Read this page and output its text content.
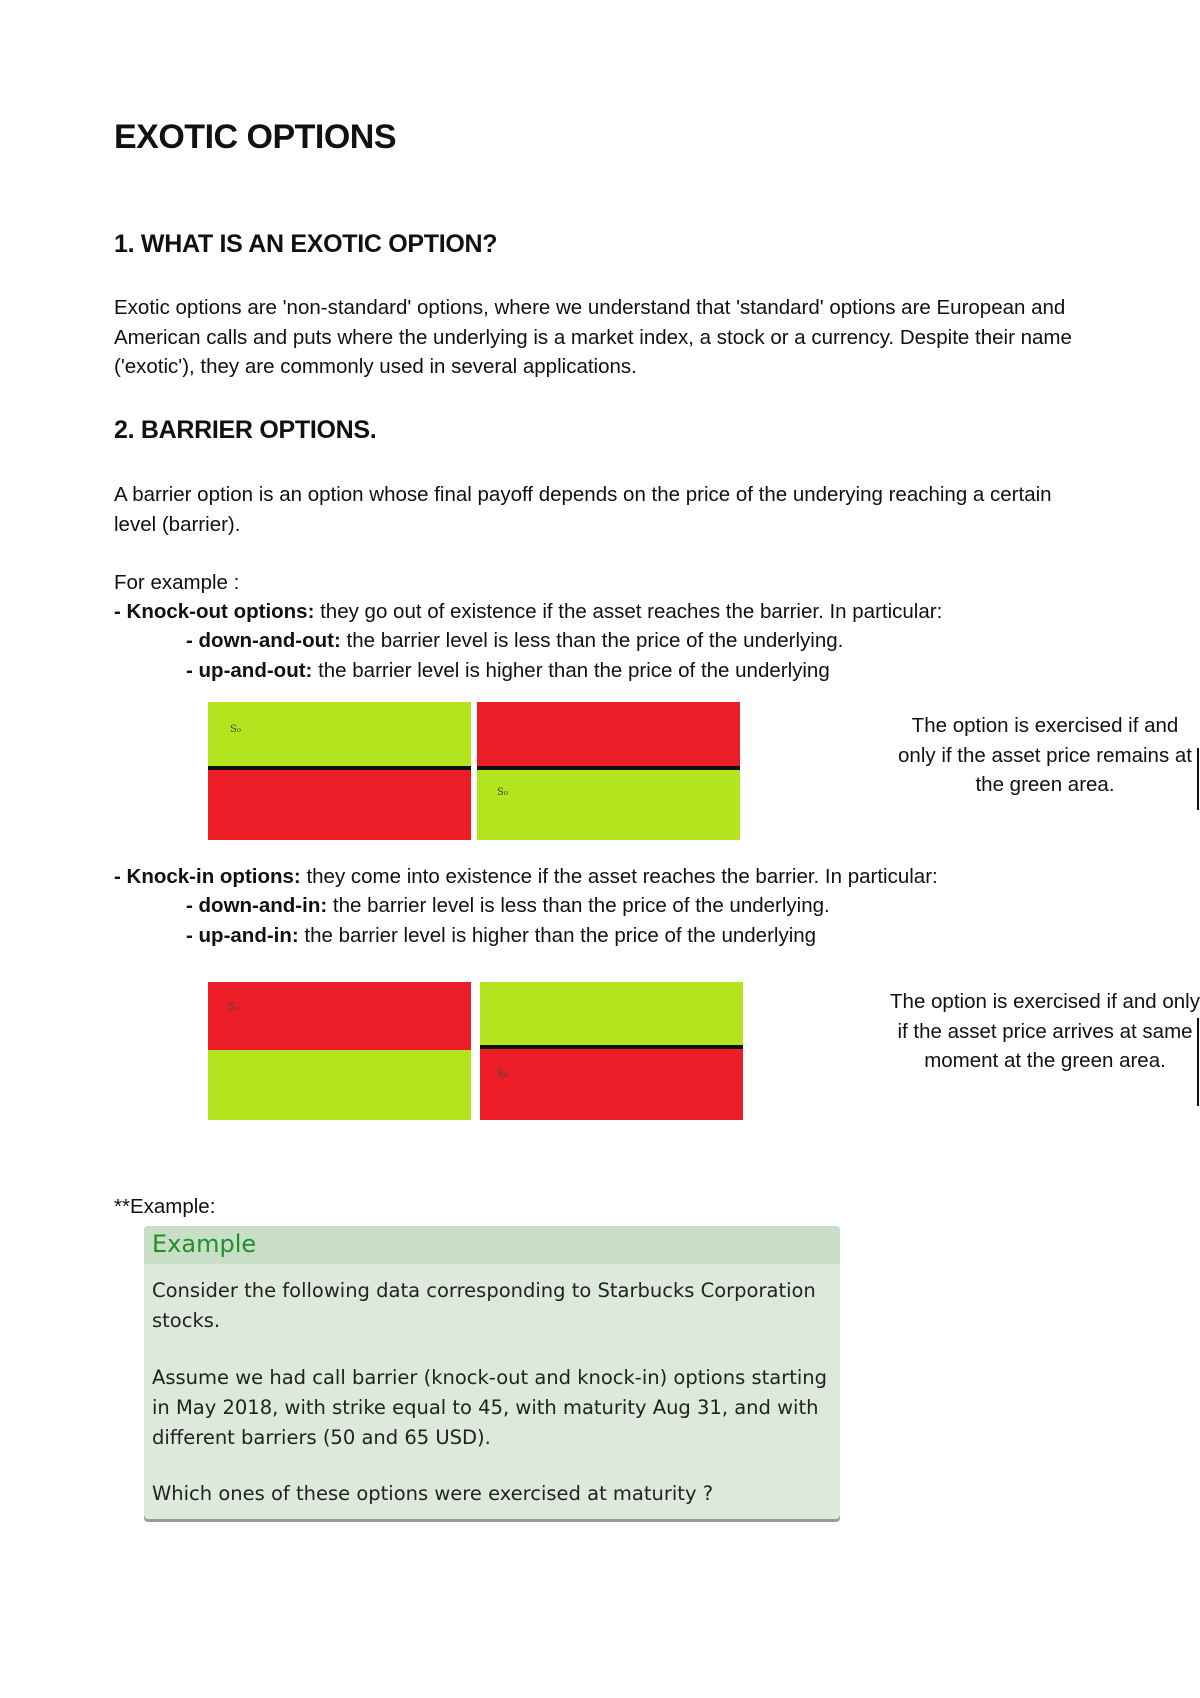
EXOTIC OPTIONS
1. WHAT IS AN EXOTIC OPTION?
Exotic options are 'non-standard' options, where we understand that 'standard' options are European and American calls and puts where the underlying is a market index, a stock or a currency. Despite their name ('exotic'), they are commonly used in several applications.
2. BARRIER OPTIONS.
A barrier option is an option whose final payoff depends on the price of the underying reaching a certain level (barrier).
For example :
- Knock-out options: they go out of existence if the asset reaches the barrier. In particular:
- down-and-out: the barrier level is less than the price of the underlying.
- up-and-out: the barrier level is higher than the price of the underlying
S₀
S₀
The option is exercised if and only if the asset price remains at the green area.
- Knock-in options: they come into existence if the asset reaches the barrier. In particular:
- down-and-in: the barrier level is less than the price of the underlying.
- up-and-in: the barrier level is higher than the price of the underlying
S₀
S₀
The option is exercised if and only if the asset price arrives at same moment at the green area.
**Example:
Example
Consider the following data corresponding to Starbucks Corporation stocks.
Assume we had call barrier (knock-out and knock-in) options starting in May 2018, with strike equal to 45, with maturity Aug 31, and with different barriers (50 and 65 USD).
Which ones of these options were exercised at maturity ?
